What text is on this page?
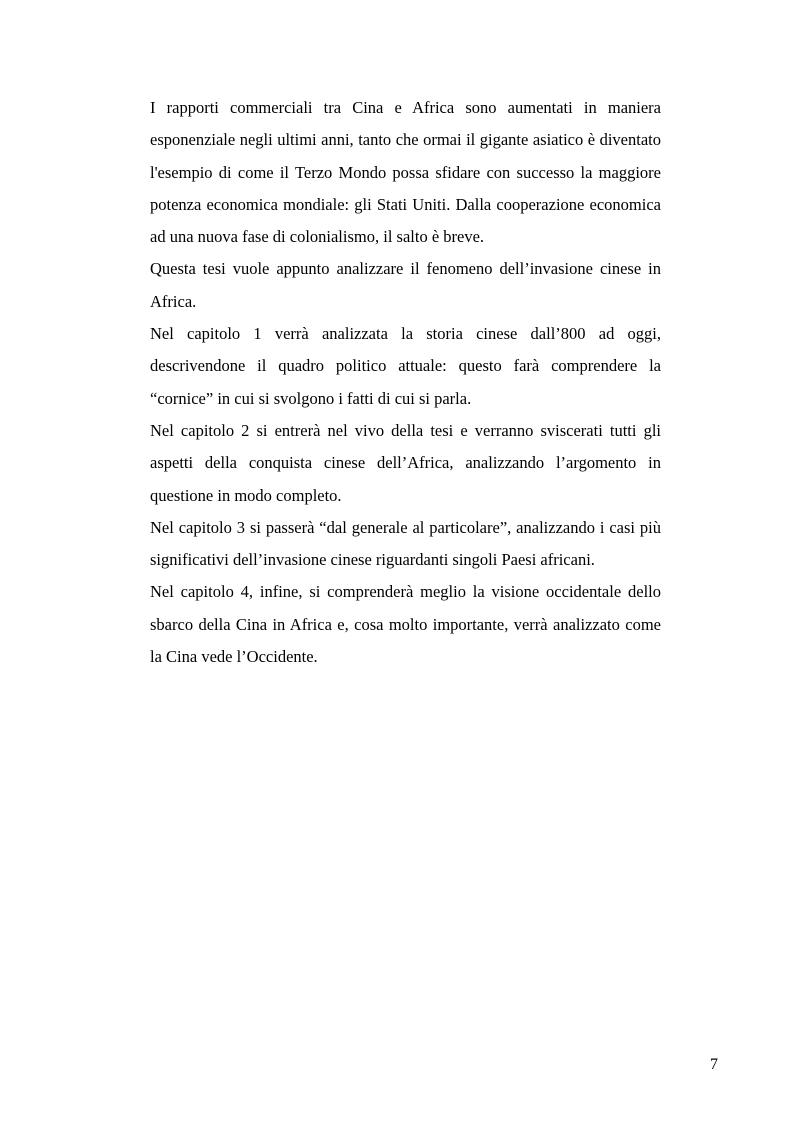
I rapporti commerciali tra Cina e Africa sono aumentati in maniera esponenziale negli ultimi anni, tanto che ormai il gigante asiatico è diventato l'esempio di come il Terzo Mondo possa sfidare con successo la maggiore potenza economica mondiale: gli Stati Uniti. Dalla cooperazione economica ad una nuova fase di colonialismo, il salto è breve.

Questa tesi vuole appunto analizzare il fenomeno dell’invasione cinese in Africa.

Nel capitolo 1 verrà analizzata la storia cinese dall’800 ad oggi, descrivendone il quadro politico attuale: questo farà comprendere la “cornice” in cui si svolgono i fatti di cui si parla.

Nel capitolo 2 si entrerà nel vivo della tesi e verranno sviscerati tutti gli aspetti della conquista cinese dell’Africa, analizzando l’argomento in questione in modo completo.

Nel capitolo 3 si passerà “dal generale al particolare”, analizzando i casi più significativi dell’invasione cinese riguardanti singoli Paesi africani.

Nel capitolo 4, infine, si comprenderà meglio la visione occidentale dello sbarco della Cina in Africa e, cosa molto importante, verrà analizzato come la Cina vede l’Occidente.

7
